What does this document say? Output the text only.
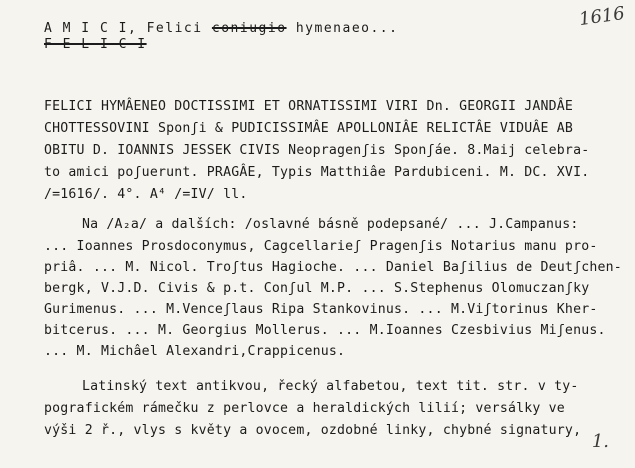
A M I C I, Felici coniugio hymenaeo...
F E L I C I
1616
FELICI HYMÂENEO DOCTISSIMI ET ORNATISSIMI VIRI Dn. GEORGII JANDÂE
CHOTTESSOVINI Sponʃi & PUDICISSIMÂE APOLLONIÂE RELICTÂE VIDUÂE AB
OBITU D. IOANNIS JESSEK CIVIS Neopragenʃis Sponʃáe. 8.Maij celebra-
to amici poʃuerunt. PRAGÂE, Typis Matthiâe Pardubiceni. M. DC. XVI.
/=1616/. 4°. A⁴ /=IV/ ll.
Na /A₂a/ a dalších: /oslavné básně podepsané/ ... J.Campanus:
... Ioannes Prosdoconymus, Cagcellarieʃ Pragenʃis Notarius manu pro-
priâ. ... M. Nicol. Troʃtus Hagioche. ... Daniel Baʃilius de Deutʃchen-
bergk, V.J.D. Civis & p.t. Conʃul M.P. ... S.Stephenus Olomuczanʃky
Gurimenus. ... M.Venceʃlaus Ripa Stankovinus. ... M.Viʃtorinus Kher-
bitcerus. ... M. Georgius Mollerus. ... M.Ioannes Czesbivius Miʃenus.
... M. Michâel Alexandri,Crappicenus.
Latinský text antikvou, řecký alfabetou, text tit. str. v ty-
pografickém rámečku z perlovce a heraldických lilií; versálky ve
výši 2 ř., vlys s květy a ovocem, ozdobné linky, chybné signatury,
1.
